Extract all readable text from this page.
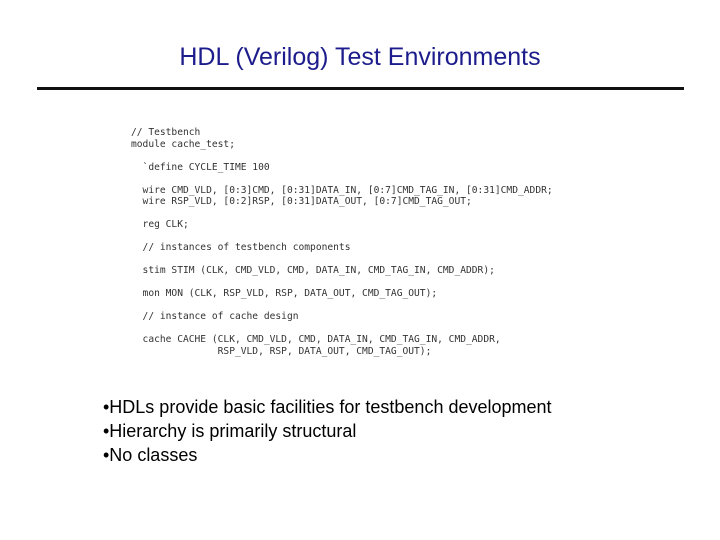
HDL (Verilog) Test Environments
// Testbench
module cache_test;
`define CYCLE_TIME 100
wire CMD_VLD, [0:3]CMD, [0:31]DATA_IN, [0:7]CMD_TAG_IN, [0:31]CMD_ADDR;
wire RSP_VLD, [0:2]RSP, [0:31]DATA_OUT, [0:7]CMD_TAG_OUT;
reg CLK;
// instances of testbench components
stim STIM (CLK, CMD_VLD, CMD, DATA_IN, CMD_TAG_IN, CMD_ADDR);
mon MON (CLK, RSP_VLD, RSP, DATA_OUT, CMD_TAG_OUT);
// instance of cache design
cache CACHE (CLK, CMD_VLD, CMD, DATA_IN, CMD_TAG_IN, CMD_ADDR,
RSP_VLD, RSP, DATA_OUT, CMD_TAG_OUT);
•HDLs provide basic facilities for testbench development
•Hierarchy is primarily structural
•No classes
